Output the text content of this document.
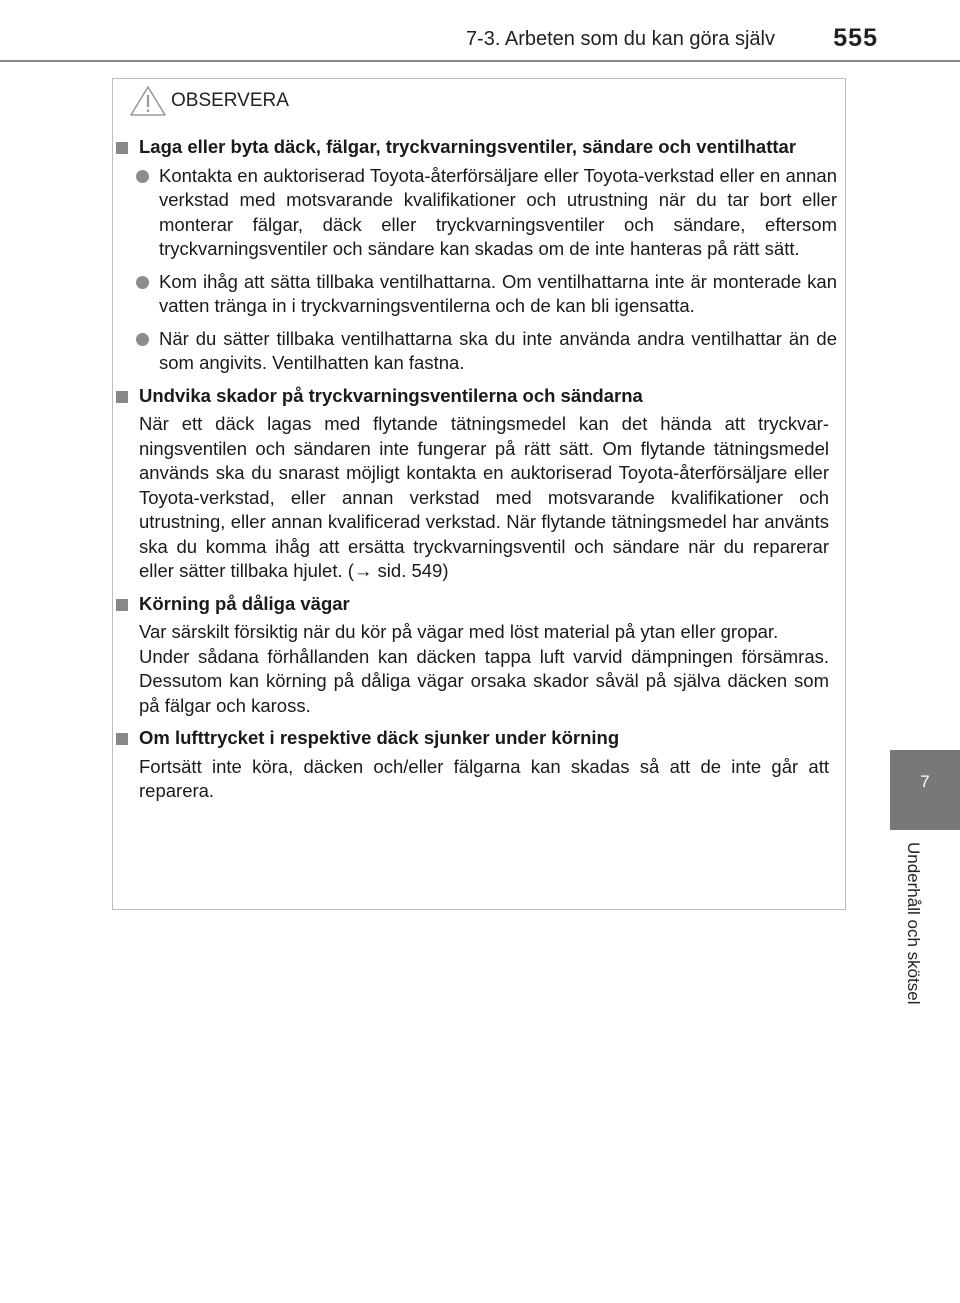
7-3. Arbeten som du kan göra själv 555
7
Underhåll och skötsel
OBSERVERA
Laga eller byta däck, fälgar, tryckvarningsventiler, sändare och ventilhattar
Kontakta en auktoriserad Toyota-återförsäljare eller Toyota-verkstad eller en annan verkstad med motsvarande kvalifikationer och utrustning när du tar bort eller monterar fälgar, däck eller tryckvarningsventiler och sändare, eftersom tryckvarningsventiler och sändare kan skadas om de inte hanteras på rätt sätt.
Kom ihåg att sätta tillbaka ventilhattarna. Om ventilhattarna inte är monterade kan vatten tränga in i tryckvarningsventilerna och de kan bli igensatta.
När du sätter tillbaka ventilhattarna ska du inte använda andra ventilhattar än de som angivits. Ventilhatten kan fastna.
Undvika skador på tryckvarningsventilerna och sändarna
När ett däck lagas med flytande tätningsmedel kan det hända att tryckvarningsventilen och sändaren inte fungerar på rätt sätt. Om flytande tätningsmedel används ska du snarast möjligt kontakta en auktoriserad Toyota-återförsäljare eller Toyota-verkstad, eller annan verkstad med motsvarande kvalifikationer och utrustning, eller annan kvalificerad verkstad. När flytande tätningsmedel har använts ska du komma ihåg att ersätta tryckvarningsventil och sändare när du reparerar eller sätter tillbaka hjulet. (→ sid. 549)
Körning på dåliga vägar
Var särskilt försiktig när du kör på vägar med löst material på ytan eller gropar.
Under sådana förhållanden kan däcken tappa luft varvid dämpningen försämras. Dessutom kan körning på dåliga vägar orsaka skador såväl på själva däcken som på fälgar och kaross.
Om lufttrycket i respektive däck sjunker under körning
Fortsätt inte köra, däcken och/eller fälgarna kan skadas så att de inte går att reparera.
